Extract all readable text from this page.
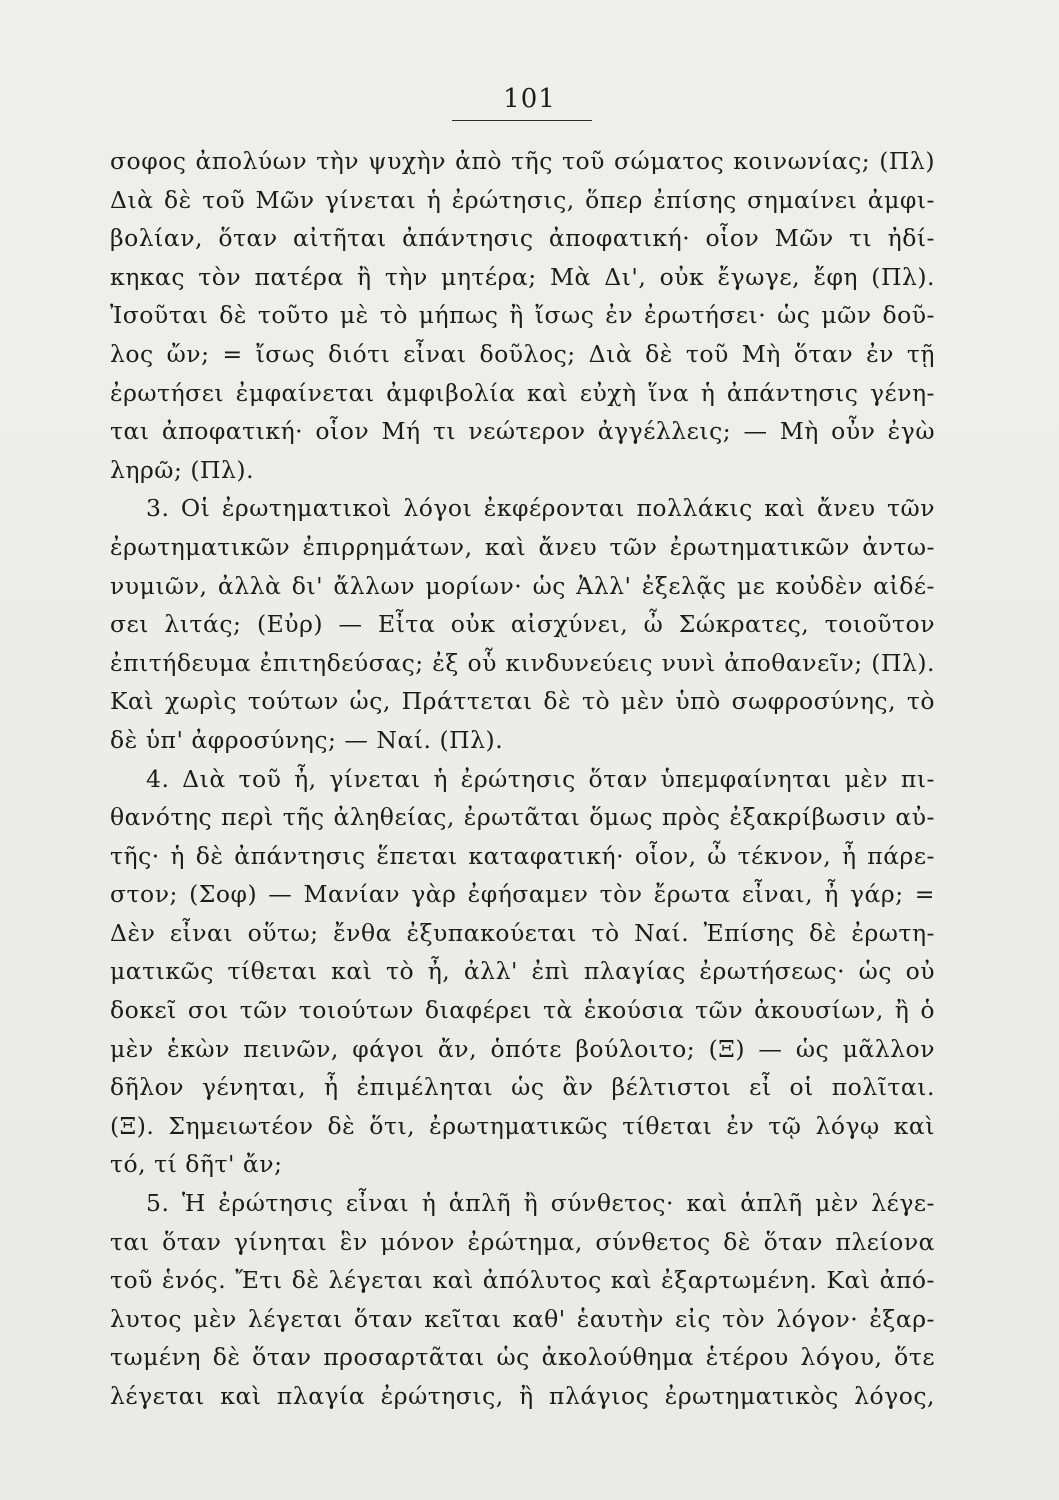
101
σοφος ἀπολύων τὴν ψυχὴν ἀπὸ τῆς τοῦ σώματος κοινωνίας; (Πλ)
Διὰ δὲ τοῦ Μῶν γίνεται ἡ ἐρώτησις, ὅπερ ἐπίσης σημαίνει ἀμφι-
βολίαν, ὅταν αἰτῆται ἀπάντησις ἀποφατική· οἷον Μῶν τι ἠδί-
κηκας τὸν πατέρα ἢ τὴν μητέρα; Μὰ Δι', οὐκ ἔγωγε, ἔφη (Πλ).
Ἰσοῦται δὲ τοῦτο μὲ τὸ μήπως ἢ ἴσως ἐν ἐρωτήσει· ὡς μῶν δοῦ-
λος ὤν; = ἴσως διότι εἶναι δοῦλος; Διὰ δὲ τοῦ Μὴ ὅταν ἐν τῇ
ἐρωτήσει ἐμφαίνεται ἀμφιβολία καὶ εὐχὴ ἵνα ἡ ἀπάντησις γένη-
ται ἀποφατική· οἷον Μή τι νεώτερον ἀγγέλλεις; — Μὴ οὖν ἐγὼ
ληρῶ; (Πλ).
3. Οἱ ἐρωτηματικοὶ λόγοι ἐκφέρονται πολλάκις καὶ ἄνευ τῶν
ἐρωτηματικῶν ἐπιρρημάτων, καὶ ἄνευ τῶν ἐρωτηματικῶν ἀντω-
νυμιῶν, ἀλλὰ δι' ἄλλων μορίων· ὡς Ἀλλ' ἐξελᾷς με κοὐδὲν αἰδέ-
σει λιτάς; (Εὐρ) — Εἶτα οὐκ αἰσχύνει, ὦ Σώκρατες, τοιοῦτον
ἐπιτήδευμα ἐπιτηδεύσας; ἐξ οὗ κινδυνεύεις νυνὶ ἀποθανεῖν; (Πλ).
Καὶ χωρὶς τούτων ὡς, Πράττεται δὲ τὸ μὲν ὑπὸ σωφροσύνης, τὸ
δὲ ὑπ' ἀφροσύνης; — Ναί. (Πλ).
4. Διὰ τοῦ ἦ, γίνεται ἡ ἐρώτησις ὅταν ὑπεμφαίνηται μὲν πι-
θανότης περὶ τῆς ἀληθείας, ἐρωτᾶται ὅμως πρὸς ἐξακρίβωσιν αὐ-
τῆς· ἡ δὲ ἀπάντησις ἕπεται καταφατική· οἷον, ὦ τέκνον, ἦ πάρε-
στον; (Σοφ) — Μανίαν γὰρ ἐφήσαμεν τὸν ἔρωτα εἶναι, ἦ γάρ; =
Δὲν εἶναι οὕτω; ἔνθα ἐξυπακούεται τὸ Ναί. Ἐπίσης δὲ ἐρωτη-
ματικῶς τίθεται καὶ τὸ ἦ, ἀλλ' ἐπὶ πλαγίας ἐρωτήσεως· ὡς οὐ
δοκεῖ σοι τῶν τοιούτων διαφέρει τὰ ἑκούσια τῶν ἀκουσίων, ἢ ὁ
μὲν ἑκὼν πεινῶν, φάγοι ἄν, ὁπότε βούλοιτο; (Ξ) — ὡς μᾶλλον
δῆλον γένηται, ἦ ἐπιμέληται ὡς ἂν βέλτιστοι εἶ οἱ πολῖται.
(Ξ). Σημειωτέον δὲ ὅτι, ἐρωτηματικῶς τίθεται ἐν τῷ λόγῳ καὶ
τό, τί δῆτ' ἄν;
5. Ἡ ἐρώτησις εἶναι ἡ ἁπλῆ ἢ σύνθετος· καὶ ἁπλῆ μὲν λέγε-
ται ὅταν γίνηται ἓν μόνον ἐρώτημα, σύνθετος δὲ ὅταν πλείονα
τοῦ ἑνός. Ἔτι δὲ λέγεται καὶ ἀπόλυτος καὶ ἐξαρτωμένη. Καὶ ἀπό-
λυτος μὲν λέγεται ὅταν κεῖται καθ' ἑαυτὴν εἰς τὸν λόγον· ἐξαρ-
τωμένη δὲ ὅταν προσαρτᾶται ὡς ἀκολούθημα ἑτέρου λόγου, ὅτε
λέγεται καὶ πλαγία ἐρώτησις, ἢ πλάγιος ἐρωτηματικὸς λόγος,
